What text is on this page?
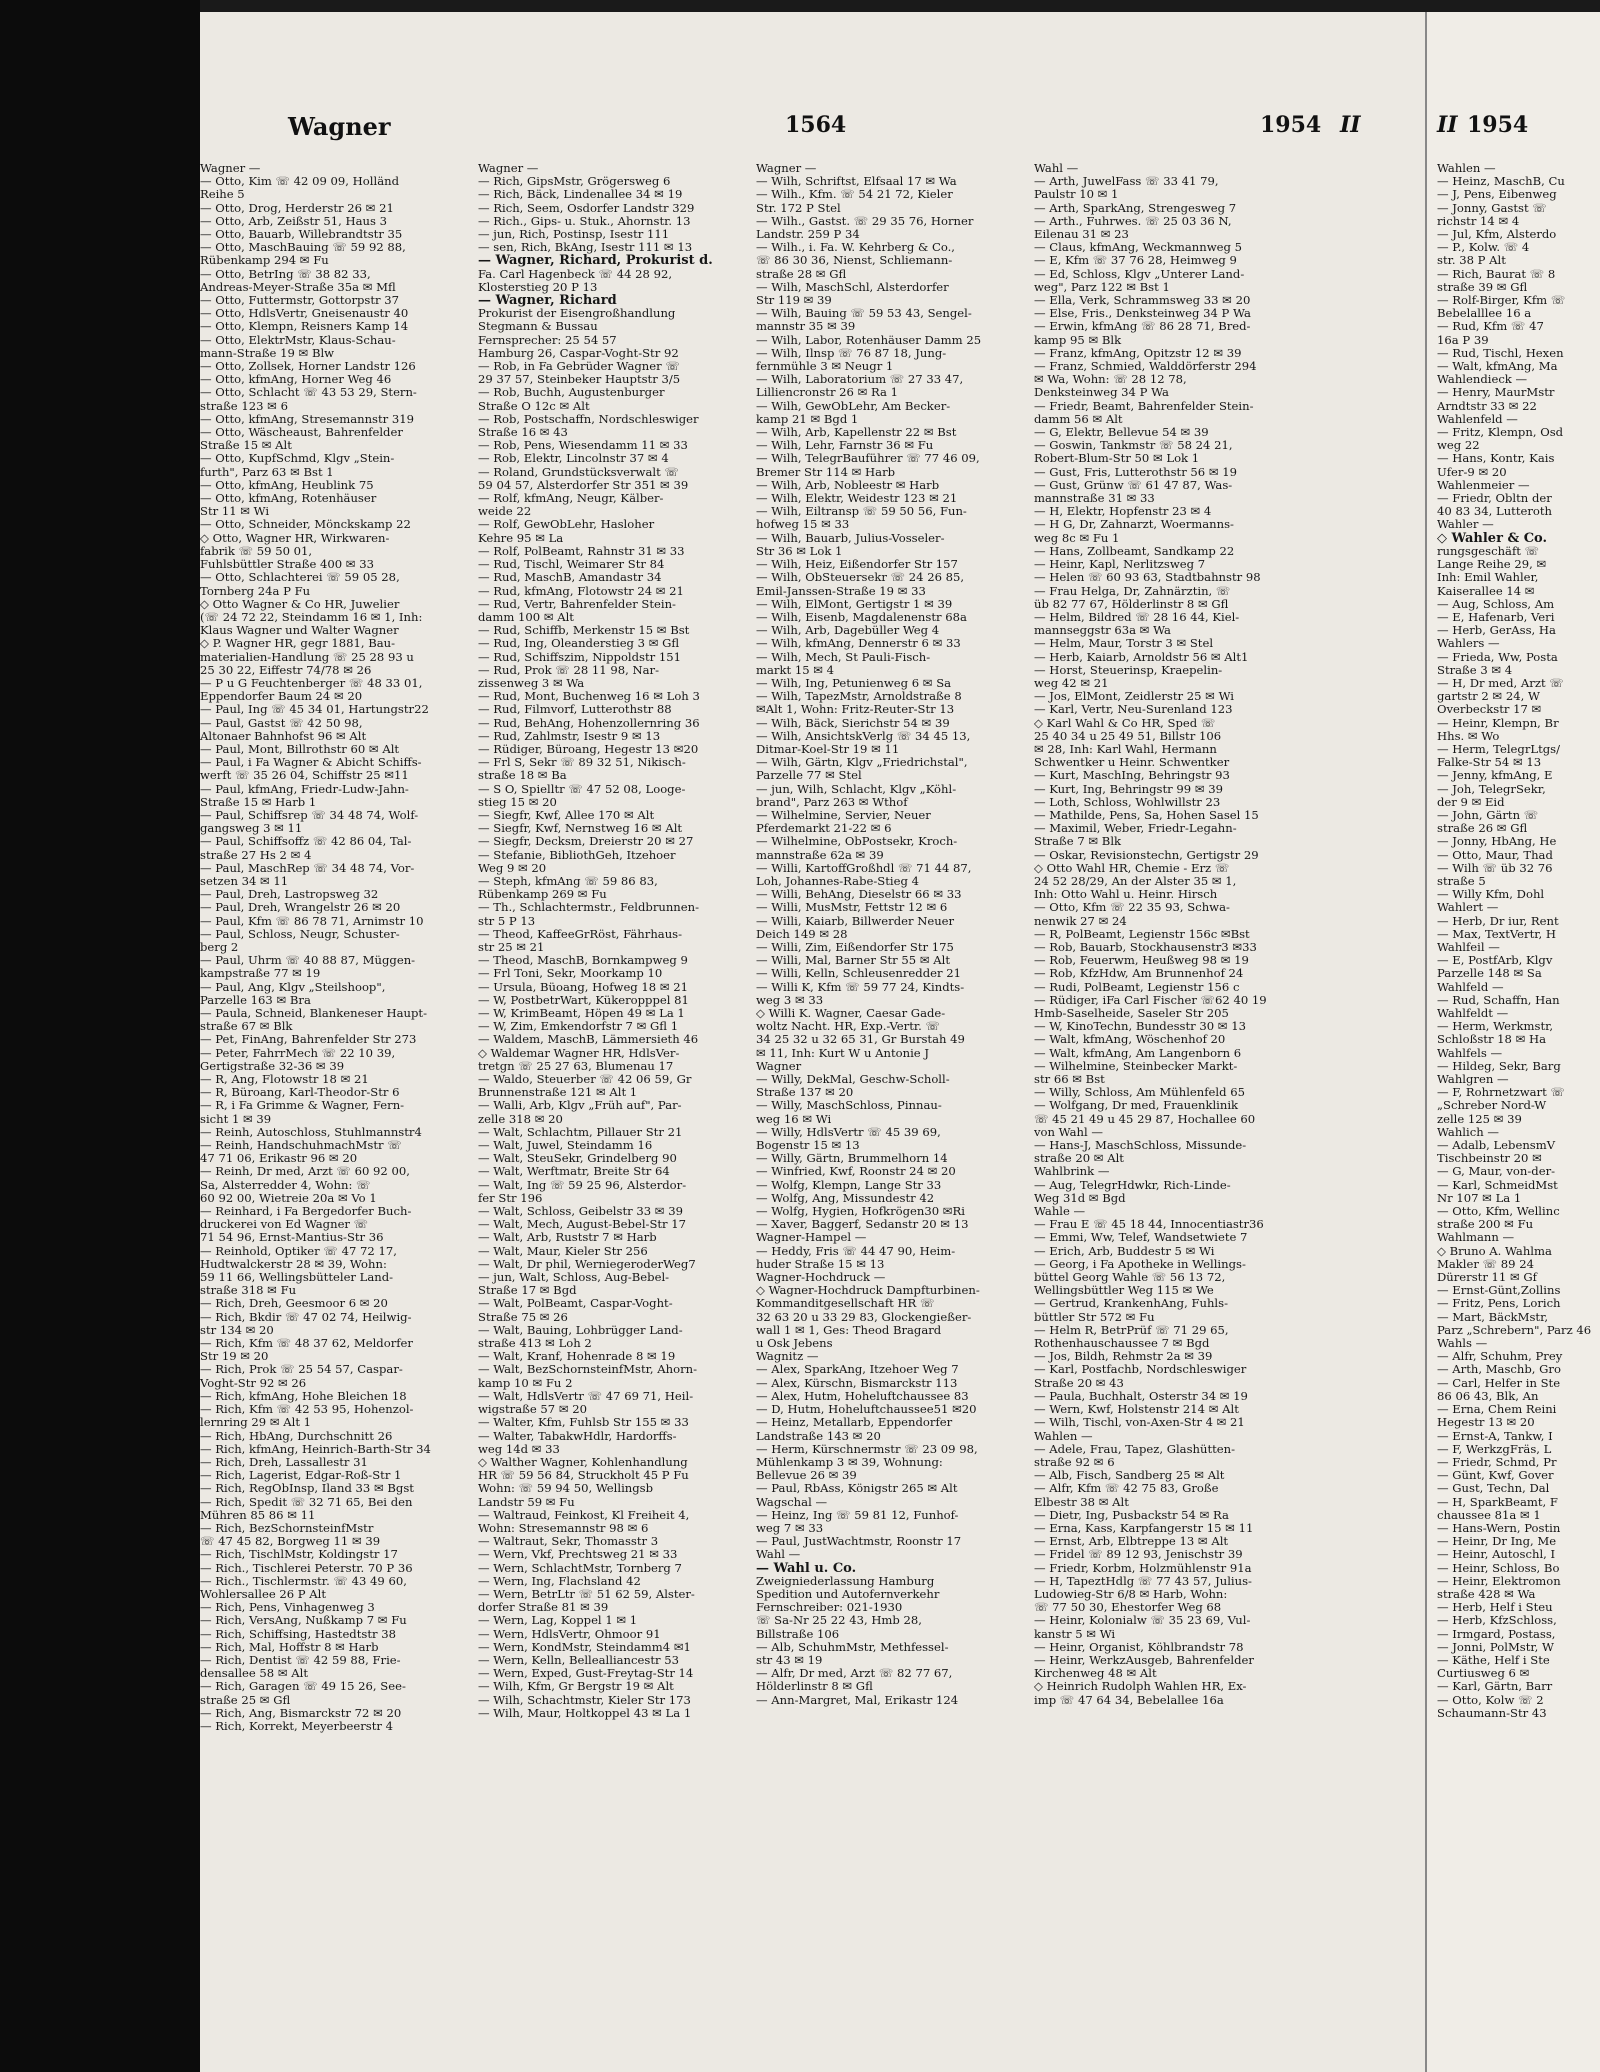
Wagner	1564	1954 II

Wagner —

— Otto, Kim ☏ 42 09 09, Holländ

Reihe 5

— Otto, Drog, Herderstr 26 ✉ 21

— Otto, Arb, Zeißstr 51, Haus 3

— Otto, Bauarb, Willebrandtstr 35

— Otto, MaschBauing ☏ 59 92 88,

Rübenkamp 294 ✉ Fu

— Otto, BetrIng ☏ 38 82 33,

Andreas-Meyer-Straße 35a ✉ Mfl

— Otto, Futtermstr, Gottorpstr 37

— Otto, HdlsVertr, Gneisenaustr 40

— Otto, Klempn, Reisners Kamp 14

— Otto, ElektrMstr, Klaus-Schau-

mann-Straße 19 ✉ Blw

— Otto, Zollsek, Horner Landstr 126

— Otto, kfmAng, Horner Weg 46

— Otto, Schlacht ☏ 43 53 29, Stern-

straße 123 ✉ 6

— Otto, kfmAng, Stresemannstr 319

— Otto, Wäscheaust, Bahrenfelder

Straße 15 ✉ Alt

— Otto, KupfSchmd, Klgv „Stein-

furth", Parz 63 ✉ Bst 1

— Otto, kfmAng, Heublink 75

— Otto, kfmAng, Rotenhäuser

Str 11 ✉ Wi

— Otto, Schneider, Mönckskamp 22

◇ Otto, Wagner HR, Wirkwaren-

fabrik ☏ 59 50 01,

Fuhlsbüttler Straße 400 ✉ 33

— Otto, Schlachterei ☏ 59 05 28,

Tornberg 24a P Fu

◇ Otto Wagner & Co HR, Juwelier

(☏ 24 72 22, Steindamm 16 ✉ 1, Inh:

Klaus Wagner und Walter Wagner

◇ P. Wagner HR, gegr 1881, Bau-

materialien-Handlung ☏ 25 28 93 u

25 30 22, Eiffestr 74/78 ✉ 26

— P u G Feuchtenberger ☏ 48 33 01,

Eppendorfer Baum 24 ✉ 20

— Paul, Ing ☏ 45 34 01, Hartungstr22

— Paul, Gastst ☏ 42 50 98,

Altonaer Bahnhofst 96 ✉ Alt

— Paul, Mont, Billrothstr 60 ✉ Alt

— Paul, i Fa Wagner & Abicht Schiffs-

werft ☏ 35 26 04, Schiffstr 25 ✉11

— Paul, kfmAng, Friedr-Ludw-Jahn-

Straße 15 ✉ Harb 1

— Paul, Schiffsrep ☏ 34 48 74, Wolf-

gangsweg 3 ✉ 11

— Paul, Schiffsoffz ☏ 42 86 04, Tal-

straße 27 Hs 2 ✉ 4

— Paul, MaschRep ☏ 34 48 74, Vor-

setzen 34 ✉ 11

— Paul, Dreh, Lastropsweg 32

— Paul, Dreh, Wrangelstr 26 ✉ 20

— Paul, Kfm ☏ 86 78 71, Arnimstr 10

— Paul, Schloss, Neugr, Schuster-

berg 2

— Paul, Uhrm ☏ 40 88 87, Müggen-

kampstraße 77 ✉ 19

— Paul, Ang, Klgv „Steilshoop",

Parzelle 163 ✉ Bra

— Paula, Schneid, Blankeneser Haupt-

straße 67 ✉ Blk

— Pet, FinAng, Bahrenfelder Str 273

— Peter, FahrrMech ☏ 22 10 39,

Gertigstraße 32-36 ✉ 39

— R, Ang, Flotowstr 18 ✉ 21

— R, Büroang, Karl-Theodor-Str 6

— R, i Fa Grimme & Wagner, Fern-

sicht 1 ✉ 39

— Reinh, Autoschloss, Stuhlmannstr4

— Reinh, HandschuhmachMstr ☏

47 71 06, Erikastr 96 ✉ 20

— Reinh, Dr med, Arzt ☏ 60 92 00,

Sa, Alsterredder 4, Wohn: ☏

60 92 00, Wietreie 20a ✉ Vo 1

— Reinhard, i Fa Bergedorfer Buch-

druckerei von Ed Wagner ☏

71 54 96, Ernst-Mantius-Str 36

— Reinhold, Optiker ☏ 47 72 17,

Hudtwalckerstr 28 ✉ 39, Wohn:

59 11 66, Wellingsbütteler Land-

straße 318 ✉ Fu

— Rich, Dreh, Geesmoor 6 ✉ 20

— Rich, Bkdir ☏ 47 02 74, Heilwig-

str 134 ✉ 20

— Rich, Kfm ☏ 48 37 62, Meldorfer

Str 19 ✉ 20

— Rich, Prok ☏ 25 54 57, Caspar-

Voght-Str 92 ✉ 26

— Rich, kfmAng, Hohe Bleichen 18

— Rich, Kfm ☏ 42 53 95, Hohenzol-

lernring 29 ✉ Alt 1

— Rich, HbAng, Durchschnitt 26

— Rich, kfmAng, Heinrich-Barth-Str 34

— Rich, Dreh, Lassallestr 31

— Rich, Lagerist, Edgar-Roß-Str 1

— Rich, RegObInsp, Iland 33 ✉ Bgst

— Rich, Spedit ☏ 32 71 65, Bei den

Mühren 85 86 ✉ 11

— Rich, BezSchornsteinfMstr

☏ 47 45 82, Borgweg 11 ✉ 39

— Rich, TischlMstr, Koldingstr 17

— Rich., Tischlerei Peterstr. 70 P 36

— Rich., Tischlermstr. ☏ 43 49 60,

Wohlersallee 26 P Alt

— Rich, Pens, Vinhagenweg 3

— Rich, VersAng, Nußkamp 7 ✉ Fu

— Rich, Schiffsing, Hastedtstr 38

— Rich, Mal, Hoffstr 8 ✉ Harb

— Rich, Dentist ☏ 42 59 88, Frie-

densallee 58 ✉ Alt

— Rich, Garagen ☏ 49 15 26, See-

straße 25 ✉ Gfl

— Rich, Ang, Bismarckstr 72 ✉ 20

— Rich, Korrekt, Meyerbeerstr 4

Wagner —

— Rich, GipsMstr, Grögersweg 6

— Rich, Bäck, Lindenallee 34 ✉ 19

— Rich, Seem, Osdorfer Landstr 329

— Rich., Gips- u. Stuk., Ahornstr. 13

— jun, Rich, Postinsp, Isestr 111

— sen, Rich, BkAng, Isestr 111 ✉ 13

— Wagner, Richard, Prokurist d.

Fa. Carl Hagenbeck ☏ 44 28 92,

Klosterstieg 20 P 13

— Wagner, Richard

Prokurist der Eisengroßhandlung

Stegmann & Bussau

Fernsprecher: 25 54 57

Hamburg 26, Caspar-Voght-Str 92

— Rob, in Fa Gebrüder Wagner ☏

29 37 57, Steinbeker Hauptstr 3/5

— Rob, Buchh, Augustenburger

Straße O 12c ✉ Alt

— Rob, Postschaffn, Nordschleswiger

Straße 16 ✉ 43

— Rob, Pens, Wiesendamm 11 ✉ 33

— Rob, Elektr, Lincolnstr 37 ✉ 4

— Roland, Grundstücksverwalt ☏

59 04 57, Alsterdorfer Str 351 ✉ 39

— Rolf, kfmAng, Neugr, Kälber-

weide 22

— Rolf, GewObLehr, Hasloher

Kehre 95 ✉ La

— Rolf, PolBeamt, Rahnstr 31 ✉ 33

— Rud, Tischl, Weimarer Str 84

— Rud, MaschB, Amandastr 34

— Rud, kfmAng, Flotowstr 24 ✉ 21

— Rud, Vertr, Bahrenfelder Stein-

damm 100 ✉ Alt

— Rud, Schiffb, Merkenstr 15 ✉ Bst

— Rud, Ing, Oleanderstieg 3 ✉ Gfl

— Rud, Schiffszim, Nippoldstr 151

— Rud, Prok ☏ 28 11 98, Nar-

zissenweg 3 ✉ Wa

— Rud, Mont, Buchenweg 16 ✉ Loh 3

— Rud, Filmvorf, Lutterothstr 88

— Rud, BehAng, Hohenzollernring 36

— Rud, Zahlmstr, Isestr 9 ✉ 13

— Rüdiger, Büroang, Hegestr 13 ✉20

— Frl S, Sekr ☏ 89 32 51, Nikisch-

straße 18 ✉ Ba

— S O, Spielltr ☏ 47 52 08, Looge-

stieg 15 ✉ 20

— Siegfr, Kwf, Allee 170 ✉ Alt

— Siegfr, Kwf, Nernstweg 16 ✉ Alt

— Siegfr, Decksm, Dreierstr 20 ✉ 27

— Stefanie, BibliothGeh, Itzehoer

Weg 9 ✉ 20

— Steph, kfmAng ☏ 59 86 83,

Rübenkamp 269 ✉ Fu

— Th., Schlachtermstr., Feldbrunnen-

str 5 P 13

— Theod, KaffeeGrRöst, Fährhaus-

str 25 ✉ 21

— Theod, MaschB, Bornkampweg 9

— Frl Toni, Sekr, Moorkamp 10

— Ursula, Büoang, Hofweg 18 ✉ 21

— W, PostbetrWart, Kükeropppel 81

— W, KrimBeamt, Höpen 49 ✉ La 1

— W, Zim, Emkendorfstr 7 ✉ Gfl 1

— Waldem, MaschB, Lämmersieth 46

◇ Waldemar Wagner HR, HdlsVer-

tretgn ☏ 25 27 63, Blumenau 17

— Waldo, Steuerber ☏ 42 06 59, Gr

Brunnenstraße 121 ✉ Alt 1

— Walli, Arb, Klgv „Früh auf", Par-

zelle 318 ✉ 20

— Walt, Schlachtm, Pillauer Str 21

— Walt, Juwel, Steindamm 16

— Walt, SteuSekr, Grindelberg 90

— Walt, Werftmatr, Breite Str 64

— Walt, Ing ☏ 59 25 96, Alsterdor-

fer Str 196

— Walt, Schloss, Geibelstr 33 ✉ 39

— Walt, Mech, August-Bebel-Str 17

— Walt, Arb, Ruststr 7 ✉ Harb

— Walt, Maur, Kieler Str 256

— Walt, Dr phil, WerniegeroderWeg7

— jun, Walt, Schloss, Aug-Bebel-

Straße 17 ✉ Bgd

— Walt, PolBeamt, Caspar-Voght-

Straße 75 ✉ 26

— Walt, Bauing, Lohbrügger Land-

straße 413 ✉ Loh 2

— Walt, Kranf, Hohenrade 8 ✉ 19

— Walt, BezSchornsteinfMstr, Ahorn-

kamp 10 ✉ Fu 2

— Walt, HdlsVertr ☏ 47 69 71, Heil-

wigstraße 57 ✉ 20

— Walter, Kfm, Fuhlsb Str 155 ✉ 33

— Walter, TabakwHdlr, Hardorffs-

weg 14d ✉ 33

◇ Walther Wagner, Kohlenhandlung

HR ☏ 59 56 84, Struckholt 45 P Fu

Wohn: ☏ 59 94 50, Wellingsb

Landstr 59 ✉ Fu

— Waltraud, Feinkost, Kl Freiheit 4,

Wohn: Stresemannstr 98 ✉ 6

— Waltraut, Sekr, Thomasstr 3

— Wern, Vkf, Prechtsweg 21 ✉ 33

— Wern, SchlachtMstr, Tornberg 7

— Wern, Ing, Flachsland 42

— Wern, BetrLtr ☏ 51 62 59, Alster-

dorfer Straße 81 ✉ 39

— Wern, Lag, Koppel 1 ✉ 1

— Wern, HdlsVertr, Ohmoor 91

— Wern, KondMstr, Steindamm4 ✉1

— Wern, Kelln, Bellealliancestr 53

— Wern, Exped, Gust-Freytag-Str 14

— Wilh, Kfm, Gr Bergstr 19 ✉ Alt

— Wilh, Schachtmstr, Kieler Str 173

— Wilh, Maur, Holtkoppel 43 ✉ La 1

Wagner —

— Wilh, Schriftst, Elfsaal 17 ✉ Wa

— Wilh., Kfm. ☏ 54 21 72, Kieler

Str. 172 P Stel

— Wilh., Gastst. ☏ 29 35 76, Horner

Landstr. 259 P 34

— Wilh., i. Fa. W. Kehrberg & Co.,

☏ 86 30 36, Nienst, Schliemann-

straße 28 ✉ Gfl

— Wilh, MaschSchl, Alsterdorfer

Str 119 ✉ 39

— Wilh, Bauing ☏ 59 53 43, Sengel-

mannstr 35 ✉ 39

— Wilh, Labor, Rotenhäuser Damm 25

— Wilh, Ilnsp ☏ 76 87 18, Jung-

fernmühle 3 ✉ Neugr 1

— Wilh, Laboratorium ☏ 27 33 47,

Lilliencronstr 26 ✉ Ra 1

— Wilh, GewObLehr, Am Becker-

kamp 21 ✉ Bgd 1

— Wilh, Arb, Kapellenstr 22 ✉ Bst

— Wilh, Lehr, Farnstr 36 ✉ Fu

— Wilh, TelegrBauführer ☏ 77 46 09,

Bremer Str 114 ✉ Harb

— Wilh, Arb, Nobleestr ✉ Harb

— Wilh, Elektr, Weidestr 123 ✉ 21

— Wilh, Eiltransp ☏ 59 50 56, Fun-

hofweg 15 ✉ 33

— Wilh, Bauarb, Julius-Vosseler-

Str 36 ✉ Lok 1

— Wilh, Heiz, Eißendorfer Str 157

— Wilh, ObSteuersekr ☏ 24 26 85,

Emil-Janssen-Straße 19 ✉ 33

— Wilh, ElMont, Gertigstr 1 ✉ 39

— Wilh, Eisenb, Magdalenenstr 68a

— Wilh, Arb, Dagebüller Weg 4

— Wilh, kfmAng, Dennerstr 6 ✉ 33

— Wilh, Mech, St Pauli-Fisch-

markt 15 ✉ 4

— Wilh, Ing, Petunienweg 6 ✉ Sa

— Wilh, TapezMstr, Arnoldstraße 8

✉Alt 1, Wohn: Fritz-Reuter-Str 13

— Wilh, Bäck, Sierichstr 54 ✉ 39

— Wilh, AnsichtskVerlg ☏ 34 45 13,

Ditmar-Koel-Str 19 ✉ 11

— Wilh, Gärtn, Klgv „Friedrichstal",

Parzelle 77 ✉ Stel

— jun, Wilh, Schlacht, Klgv „Köhl-

brand", Parz 263 ✉ Wthof

— Wilhelmine, Servier, Neuer

Pferdemarkt 21-22 ✉ 6

— Wilhelmine, ObPostsekr, Kroch-

mannstraße 62a ✉ 39

— Willi, KartoffGroßhdl ☏ 71 44 87,

Loh, Johannes-Rabe-Stieg 4

— Willi, BehAng, Dieselstr 66 ✉ 33

— Willi, MusMstr, Fettstr 12 ✉ 6

— Willi, Kaiarb, Billwerder Neuer

Deich 149 ✉ 28

— Willi, Zim, Eißendorfer Str 175

— Willi, Mal, Barner Str 55 ✉ Alt

— Willi, Kelln, Schleusenredder 21

— Willi K, Kfm ☏ 59 77 24, Kindts-

weg 3 ✉ 33

◇ Willi K. Wagner, Caesar Gade-

woltz Nacht. HR, Exp.-Vertr. ☏

34 25 32 u 32 65 31, Gr Burstah 49

✉ 11, Inh: Kurt W u Antonie J

Wagner

— Willy, DekMal, Geschw-Scholl-

Straße 137 ✉ 20

— Willy, MaschSchloss, Pinnau-

weg 16 ✉ Wi

— Willy, HdlsVertr ☏ 45 39 69,

Bogenstr 15 ✉ 13

— Willy, Gärtn, Brummelhorn 14

— Winfried, Kwf, Roonstr 24 ✉ 20

— Wolfg, Klempn, Lange Str 33

— Wolfg, Ang, Missundestr 42

— Wolfg, Hygien, Hofkrögen30 ✉Ri

— Xaver, Baggerf, Sedanstr 20 ✉ 13

Wagner-Hampel —

— Heddy, Fris ☏ 44 47 90, Heim-

huder Straße 15 ✉ 13

Wagner-Hochdruck —

◇ Wagner-Hochdruck Dampfturbinen-

Kommanditgesellschaft HR ☏

32 63 20 u 33 29 83, Glockengießer-

wall 1 ✉ 1, Ges: Theod Bragard

u Osk Jebens

Wagnitz —

— Alex, SparkAng, Itzehoer Weg 7

— Alex, Kürschn, Bismarckstr 113

— Alex, Hutm, Hoheluftchaussee 83

— D, Hutm, Hoheluftchaussee51 ✉20

— Heinz, Metallarb, Eppendorfer

Landstraße 143 ✉ 20

— Herm, Kürschnermstr ☏ 23 09 98,

Mühlenkamp 3 ✉ 39, Wohnung:

Bellevue 26 ✉ 39

— Paul, RbAss, Königstr 265 ✉ Alt

Wagschal —

— Heinz, Ing ☏ 59 81 12, Funhof-

weg 7 ✉ 33

— Paul, JustWachtmstr, Roonstr 17

Wahl —

— Wahl u. Co.

Zweigniederlassung Hamburg

Spedition und Autofernverkehr

Fernschreiber: 021-1930

☏ Sa-Nr 25 22 43, Hmb 28,

Billstraße 106

— Alb, SchuhmMstr, Methfessel-

str 43 ✉ 19

— Alfr, Dr med, Arzt ☏ 82 77 67,

Hölderlinstr 8 ✉ Gfl

— Ann-Margret, Mal, Erikastr 124

Wahl —

— Arth, JuwelFass ☏ 33 41 79,

Paulstr 10 ✉ 1

— Arth, SparkAng, Strengesweg 7

— Arth., Fuhrwes. ☏ 25 03 36 N,

Eilenau 31 ✉ 23

— Claus, kfmAng, Weckmannweg 5

— E, Kfm ☏ 37 76 28, Heimweg 9

— Ed, Schloss, Klgv „Unterer Land-

weg", Parz 122 ✉ Bst 1

— Ella, Verk, Schrammsweg 33 ✉ 20

— Else, Fris., Denksteinweg 34 P Wa

— Erwin, kfmAng ☏ 86 28 71, Bred-

kamp 95 ✉ Blk

— Franz, kfmAng, Opitzstr 12 ✉ 39

— Franz, Schmied, Walddörferstr 294

✉ Wa, Wohn: ☏ 28 12 78,

Denksteinweg 34 P Wa

— Friedr, Beamt, Bahrenfelder Stein-

damm 56 ✉ Alt

— G, Elektr, Bellevue 54 ✉ 39

— Goswin, Tankmstr ☏ 58 24 21,

Robert-Blum-Str 50 ✉ Lok 1

— Gust, Fris, Lutterothstr 56 ✉ 19

— Gust, Grünw ☏ 61 47 87, Was-

mannstraße 31 ✉ 33

— H, Elektr, Hopfenstr 23 ✉ 4

— H G, Dr, Zahnarzt, Woermanns-

weg 8c ✉ Fu 1

— Hans, Zollbeamt, Sandkamp 22

— Heinr, Kapl, Nerlitzsweg 7

— Helen ☏ 60 93 63, Stadtbahnstr 98

— Frau Helga, Dr, Zahnärztin, ☏

üb 82 77 67, Hölderlinstr 8 ✉ Gfl

— Helm, Bildred ☏ 28 16 44, Kiel-

mannseggstr 63a ✉ Wa

— Helm, Maur, Torstr 3 ✉ Stel

— Herb, Kaiarb, Arnoldstr 56 ✉ Alt1

— Horst, Steuerinsp, Kraepelin-

weg 42 ✉ 21

— Jos, ElMont, Zeidlerstr 25 ✉ Wi

— Karl, Vertr, Neu-Surenland 123

◇ Karl Wahl & Co HR, Sped ☏

25 40 34 u 25 49 51, Billstr 106

✉ 28, Inh: Karl Wahl, Hermann

Schwentker u Heinr. Schwentker

— Kurt, MaschIng, Behringstr 93

— Kurt, Ing, Behringstr 99 ✉ 39

— Loth, Schloss, Wohlwillstr 23

— Mathilde, Pens, Sa, Hohen Sasel 15

— Maximil, Weber, Friedr-Legahn-

Straße 7 ✉ Blk

— Oskar, Revisionstechn, Gertigstr 29

◇ Otto Wahl HR, Chemie - Erz ☏

24 52 28/29, An der Alster 35 ✉ 1,

Inh: Otto Wahl u. Heinr. Hirsch

— Otto, Kfm ☏ 22 35 93, Schwa-

nenwik 27 ✉ 24

— R, PolBeamt, Legienstr 156c ✉Bst

— Rob, Bauarb, Stockhausenstr3 ✉33

— Rob, Feuerwm, Heußweg 98 ✉ 19

— Rob, KfzHdw, Am Brunnenhof 24

— Rudi, PolBeamt, Legienstr 156 c

— Rüdiger, iFa Carl Fischer ☏62 40 19

Hmb-Saselheide, Saseler Str 205

— W, KinoTechn, Bundesstr 30 ✉ 13

— Walt, kfmAng, Wöschenhof 20

— Walt, kfmAng, Am Langenborn 6

— Wilhelmine, Steinbecker Markt-

str 66 ✉ Bst

— Willy, Schloss, Am Mühlenfeld 65

— Wolfgang, Dr med, Frauenklinik

☏ 45 21 49 u 45 29 87, Hochallee 60

von Wahl —

— Hans-J, MaschSchloss, Missunde-

straße 20 ✉ Alt

Wahlbrink —

— Aug, TelegrHdwkr, Rich-Linde-

Weg 31d ✉ Bgd

Wahle —

— Frau E ☏ 45 18 44, Innocentiastr36

— Emmi, Ww, Telef, Wandsetwiete 7

— Erich, Arb, Buddestr 5 ✉ Wi

— Georg, i Fa Apotheke in Wellings-

büttel Georg Wahle ☏ 56 13 72,

Wellingsbüttler Weg 115 ✉ We

— Gertrud, KrankenhAng, Fuhls-

büttler Str 572 ✉ Fu

— Helm R, BetrPrüf ☏ 71 29 65,

Rothenhauschaussee 7 ✉ Bgd

— Jos, Bildh, Rehmstr 2a ✉ 39

— Karl, Postfachb, Nordschleswiger

Straße 20 ✉ 43

— Paula, Buchhalt, Osterstr 34 ✉ 19

— Wern, Kwf, Holstenstr 214 ✉ Alt

— Wilh, Tischl, von-Axen-Str 4 ✉ 21

Wahlen —

— Adele, Frau, Tapez, Glashütten-

straße 92 ✉ 6

— Alb, Fisch, Sandberg 25 ✉ Alt

— Alfr, Kfm ☏ 42 75 83, Große

Elbestr 38 ✉ Alt

— Dietr, Ing, Pusbackstr 54 ✉ Ra

— Erna, Kass, Karpfangerstr 15 ✉ 11

— Ernst, Arb, Elbtreppe 13 ✉ Alt

— Fridel ☏ 89 12 93, Jenischstr 39

— Friedr, Korbm, Holzmühlenstr 91a

— H, TapeztHdlg ☏ 77 43 57, Julius-

Ludowieg-Str 6/8 ✉ Harb, Wohn:

☏ 77 50 30, Ehestorfer Weg 68

— Heinr, Kolonialw ☏ 35 23 69, Vul-

kanstr 5 ✉ Wi

— Heinr, Organist, Köhlbrandstr 78

— Heinr, WerkzAusgeb, Bahrenfelder

Kirchenweg 48 ✉ Alt

◇ Heinrich Rudolph Wahlen HR, Ex-

imp ☏ 47 64 34, Bebelallee 16a

II 1954

Wahlen —

— Heinz, MaschB, Cu

— J, Pens, Eibenweg

— Jonny, Gastst ☏

richstr 14 ✉ 4

— Jul, Kfm, Alsterdo

— P., Kolw. ☏ 4

str. 38 P Alt

— Rich, Baurat ☏ 8

straße 39 ✉ Gfl

— Rolf-Birger, Kfm ☏

Bebelalllee 16 a

— Rud, Kfm ☏ 47

16a P 39

— Rud, Tischl, Hexen

— Walt, kfmAng, Ma

Wahlendieck —

— Henry, MaurMstr

Arndtstr 33 ✉ 22

Wahlenfeld —

— Fritz, Klempn, Osd

weg 22

— Hans, Kontr, Kais

Ufer-9 ✉ 20

Wahlenmeier —

— Friedr, Obltn der

40 83 34, Lutteroth

Wahler —

◇ Wahler & Co.

rungsgeschäft ☏

Lange Reihe 29, ✉

Inh: Emil Wahler,

Kaiserallee 14 ✉

— Aug, Schloss, Am

— E, Hafenarb, Veri

— Herb, GerAss, Ha

Wahlers —

— Frieda, Ww, Posta

Straße 3 ✉ 4

— H, Dr med, Arzt ☏

gartstr 2 ✉ 24, W

Overbeckstr 17 ✉

— Heinr, Klempn, Br

Hhs. ✉ Wo

— Herm, TelegrLtgs/

Falke-Str 54 ✉ 13

— Jenny, kfmAng, E

— Joh, TelegrSekr,

der 9 ✉ Eid

— John, Gärtn ☏

straße 26 ✉ Gfl

— Jonny, HbAng, He

— Otto, Maur, Thad

— Wilh ☏ üb 32 76

straße 5

— Willy Kfm, Dohl

Wahlert —

— Herb, Dr iur, Rent

— Max, TextVertr, H

Wahlfeil —

— E, PostfArb, Klgv

Parzelle 148 ✉ Sa

Wahlfeld —

— Rud, Schaffn, Han

Wahlfeldt —

— Herm, Werkmstr,

Schloßstr 18 ✉ Ha

Wahlfels —

— Hildeg, Sekr, Barg

Wahlgren —

— F, Rohrnetzwart ☏

„Schreber Nord-W

zelle 125 ✉ 39

Wahlich —

— Adalb, LebensmV

Tischbeinstr 20 ✉

— G, Maur, von-der-

— Karl, SchmeidMst

Nr 107 ✉ La 1

— Otto, Kfm, Wellinc

straße 200 ✉ Fu

Wahlmann —

◇ Bruno A. Wahlma

Makler ☏ 89 24

Dürerstr 11 ✉ Gf

— Ernst-Günt,Zollins

— Fritz, Pens, Lorich

— Mart, BäckMstr,

Parz „Schrebern", Parz 46

Wahls —

— Alfr, Schuhm, Prey

— Arth, Maschb, Gro

— Carl, Helfer in Ste

86 06 43, Blk, An

— Erna, Chem Reini

Hegestr 13 ✉ 20

— Ernst-A, Tankw, I

— F, WerkzgFräs, L

— Friedr, Schmd, Pr

— Günt, Kwf, Gover

— Gust, Techn, Dal

— H, SparkBeamt, F

chaussee 81a ✉ 1

— Hans-Wern, Postin

— Heinr, Dr Ing, Me

— Heinr, Autoschl, I

— Heinr, Schloss, Bo

— Heinr, Elektromon

straße 428 ✉ Wa

— Herb, Helf i Steu

— Herb, KfzSchloss,

— Irmgard, Postass,

— Jonni, PolMstr, W

— Käthe, Helf i Ste

Curtiusweg 6 ✉

— Karl, Gärtn, Barr

— Otto, Kolw ☏ 2

Schaumann-Str 43
